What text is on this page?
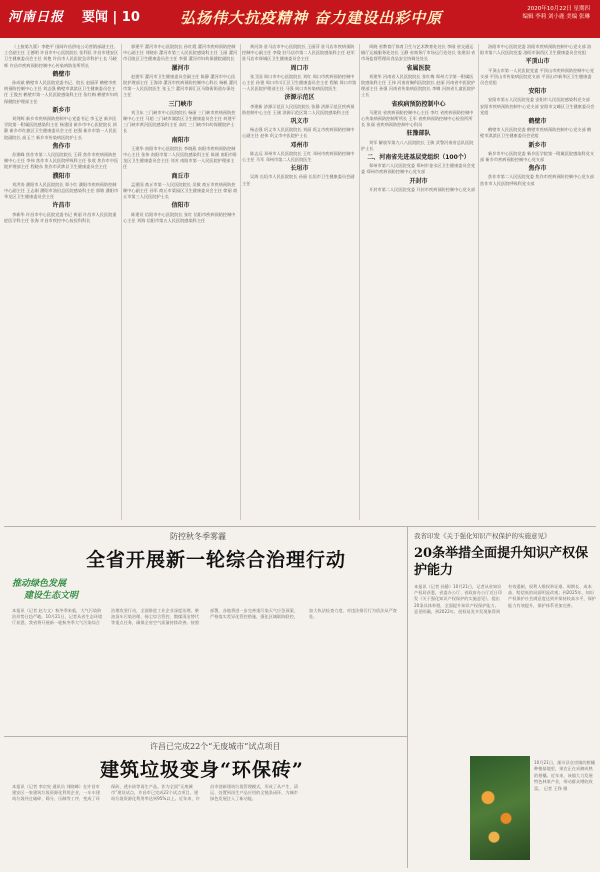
河南日报 要闻 | 10	弘扬伟大抗疫精神 奋力建设出彩中原	2020年10月22日 星期四
编辑 李莉 刘小鹿 美编 张琳

（上接第九版）李艳平 国网许昌供电公司营销部副主任、工会副主任 王德明 许昌市中心医院院长 张利民 许昌市建安区卫生健康委员会主任 刘艳 许昌市人民医院急诊科护士长 马晓辉 许昌市疾病预防控制中心传染病防治所所长

鹤壁市

孙成斌 鹤壁市人民医院党委书记、院长 赵丽萍 鹤壁市疾病预防控制中心主任 刘志强 鹤壁市淇滨区卫生健康委员会主任 王俊杰 鹤壁市第一人民医院感染科主任 张红梅 鹤壁市妇幼保健院护理部主任

新乡市

刘剑辉 新乡市疾病预防控制中心党委书记 李玉芝 新乡医学院第一附属医院感染科主任 杨建国 新乡市中心医院院长 郭静 新乡市红旗区卫生健康委员会主任 赵强 新乡市第一人民医院副院长 高玉兰 新乡市传染病医院护士长

焦作市

苏建峰 焦作市第二人民医院院长 王莉 焦作市疾病预防控制中心主任 李伟 焦作市人民医院呼吸科主任 张欣 焦作市中医院护理部主任 程晓东 焦作市武陟县卫生健康委员会主任

濮阳市

刘洪涛 濮阳市人民医院院长 郑小红 濮阳市疾病预防控制中心副主任 王志刚 濮阳市油田总医院感染科主任 郭敏 濮阳市华龙区卫生健康委员会主任

许昌市

李新华 许昌市中心医院党委书记 黄丽 许昌市人民医院重症医学科主任 张海 许昌市疾控中心检验科科长

郭建平 漯河市中心医院院长 孙红霞 漯河市疾病预防控制中心副主任 刘晓东 漯河市第三人民医院感染科主任 王丽 漯河市召陵区卫生健康委员会主任 李强 漯河市妇幼保健院副院长

漯河市

赵建军 漯河市卫生健康委员会副主任 陈静 漯河市中心医院护理部主任 王海涛 漯河市疾病预防控制中心科长 杨帆 漯河市第一人民医院医生 张玉兰 漯河市源汇区马路街街道办事处主任

三门峡市

刘卫东 三门峡市中心医院院长 杨丽 三门峡市疾病预防控制中心主任 马超 三门峡市湖滨区卫生健康委员会主任 何建平 三门峡市黄河医院感染科主任 高红 三门峡市妇幼保健院护士长

南阳市

王建华 南阳市中心医院院长 李晓燕 南阳市疾病预防控制中心主任 张伟 南阳市第二人民医院感染科主任 陈刚 南阳市卧龙区卫生健康委员会主任 刘芳 南阳市第一人民医院护理部主任

商丘市

孟建国 商丘市第一人民医院院长 吴敏 商丘市疾病预防控制中心副主任 孙军 商丘市梁园区卫生健康委员会主任 徐丽 商丘市第三人民医院护士长

信阳市

陈建设 信阳市中心医院院长 张红 信阳市疾病预防控制中心主任 刘海 信阳市第五人民医院感染科主任

黄河涛 驻马店市中心医院院长 王丽萍 驻马店市疾病预防控制中心副主任 李俊 驻马店市第二人民医院感染科主任 赵军 驻马店市驿城区卫生健康委员会主任

周口市

张卫国 周口市中心医院院长 刘红 周口市疾病预防控制中心主任 孙建 周口市川汇区卫生健康委员会主任 程敏 周口市第一人民医院护理部主任 马强 周口市传染病医院医生

济源示范区

李建新 济源示范区人民医院院长 张静 济源示范区疾病预防控制中心主任 王刚 济源示范区第二人民医院感染科主任

巩义市

杨志强 巩义市人民医院院长 刘丽 巩义市疾病预防控制中心副主任 赵伟 巩义市中医院护士长

邓州市

陈志远 邓州市人民医院院长 王红 邓州市疾病预防控制中心主任 马军 邓州市第二人民医院医生

长垣市

吴海 长垣市人民医院院长 孙丽 长垣市卫生健康委员会副主任

周晓 省教育厅体育卫生与艺术教育处处长 李刚 省交通运输厅运输服务处处长 王静 省商务厅市场运行处处长 张建国 省市场监督管理局食品安全协调处处长

省属医院

刘建华 河南省人民医院院长 张红梅 郑州大学第一附属医院感染科主任 王伟 河南省胸科医院院长 赵丽 河南省中医院护理部主任 孙强 河南省传染病医院院长 李娜 河南省儿童医院护士长

省疾病预防控制中心

马建设 省疾病预防控制中心主任 李红 省疾病预防控制中心传染病预防控制所所长 王军 省疾病预防控制中心检验所所长 张丽 省疾病预防控制中心科员

驻豫部队

刘军 解放军第九八八医院院长 王敏 武警河南省总队医院护士长

二、河南省先进基层党组织（100个）

郑州市第六人民医院党委 郑州市金水区卫生健康委员会党委 郑州市疾病预防控制中心党支部

开封市

开封市第二人民医院党委 开封市疾病预防控制中心党支部

洛阳市中心医院党委 洛阳市疾病预防控制中心党支部 洛阳市第六人民医院党委 洛阳市涧西区卫生健康委员会党组

平顶山市

平顶山市第一人民医院党委 平顶山市疾病预防控制中心党支部 平顶山市传染病医院党支部 平顶山市新华区卫生健康委员会党组

安阳市

安阳市第五人民医院党委 安阳市人民医院感染科党支部 安阳市疾病预防控制中心党支部 安阳市文峰区卫生健康委员会党组

鹤壁市

鹤壁市人民医院党委 鹤壁市疾病预防控制中心党支部 鹤壁市淇滨区卫生健康委员会党组

新乡市

新乡市中心医院党委 新乡医学院第一附属医院感染科党支部 新乡市疾病预防控制中心党支部

焦作市

焦作市第二人民医院党委 焦作市疾病预防控制中心党支部 焦作市人民医院呼吸科党支部

防控秋冬季雾霾
全省开展新一轮综合治理行动
推动绿色发展
建设生态文明
本报讯（记者 赵力文）秋冬季来临，大气污染防治形势日趋严峻。10月21日，记者从省生态环境厅获悉，我省将开展新一轮秋冬季大气污染综合治理攻坚行动，全面推进工业企业深度治理、柴油货车污染治理、扬尘综合管控、散煤清洁替代等重点任务，确保全省空气质量持续改善。按照部署，各地将进一步完善重污染天气应急预案，严格落实差异化管控措施，强化区域联防联控，加大执法检查力度，对违法排污行为依法从严查处。
许昌已完成22个“无废城市”试点项目
建筑垃圾变身“环保砖”
本报讯（记者 李宗宪 通讯员 刘晓峰）在许昌市建安区一家建筑垃圾资源化利用企业，一车车建筑垃圾经过破碎、筛分、压制等工序，变成了环保砖、透水砖等再生产品。作为全国“无废城市”建设试点，许昌市已完成22个试点项目，建筑垃圾资源化利用率达到95%以上。近年来，许昌市创新建筑垃圾管理模式，形成了从产生、清运、处置到再生产品应用的全链条闭环，为城市绿色发展注入了新动能。
我省印发《关于强化知识产权保护的实施意见》
20条举措全面提升知识产权保护能力
本报讯（记者 孙静）10月21日，记者从省知识产权局获悉，省委办公厅、省政府办公厅近日印发《关于强化知识产权保护的实施意见》，提出20条具体举措，全面提升知识产权保护能力。意见明确，到2022年，侵权易发多发现象得到有效遏制，权利人维权举证难、周期长、成本高、赔偿低的局面明显改观；到2025年，知识产权保护社会满意度达到并保持较高水平，保护能力有效提升，保护体系更加完善。
10月21日，淅川县仓房镇的柑橘种植基地里，果农正在采摘成熟的柑橘。近年来，该镇大力发展特色林果产业，带动群众增收致富。 记者 王铮 摄
